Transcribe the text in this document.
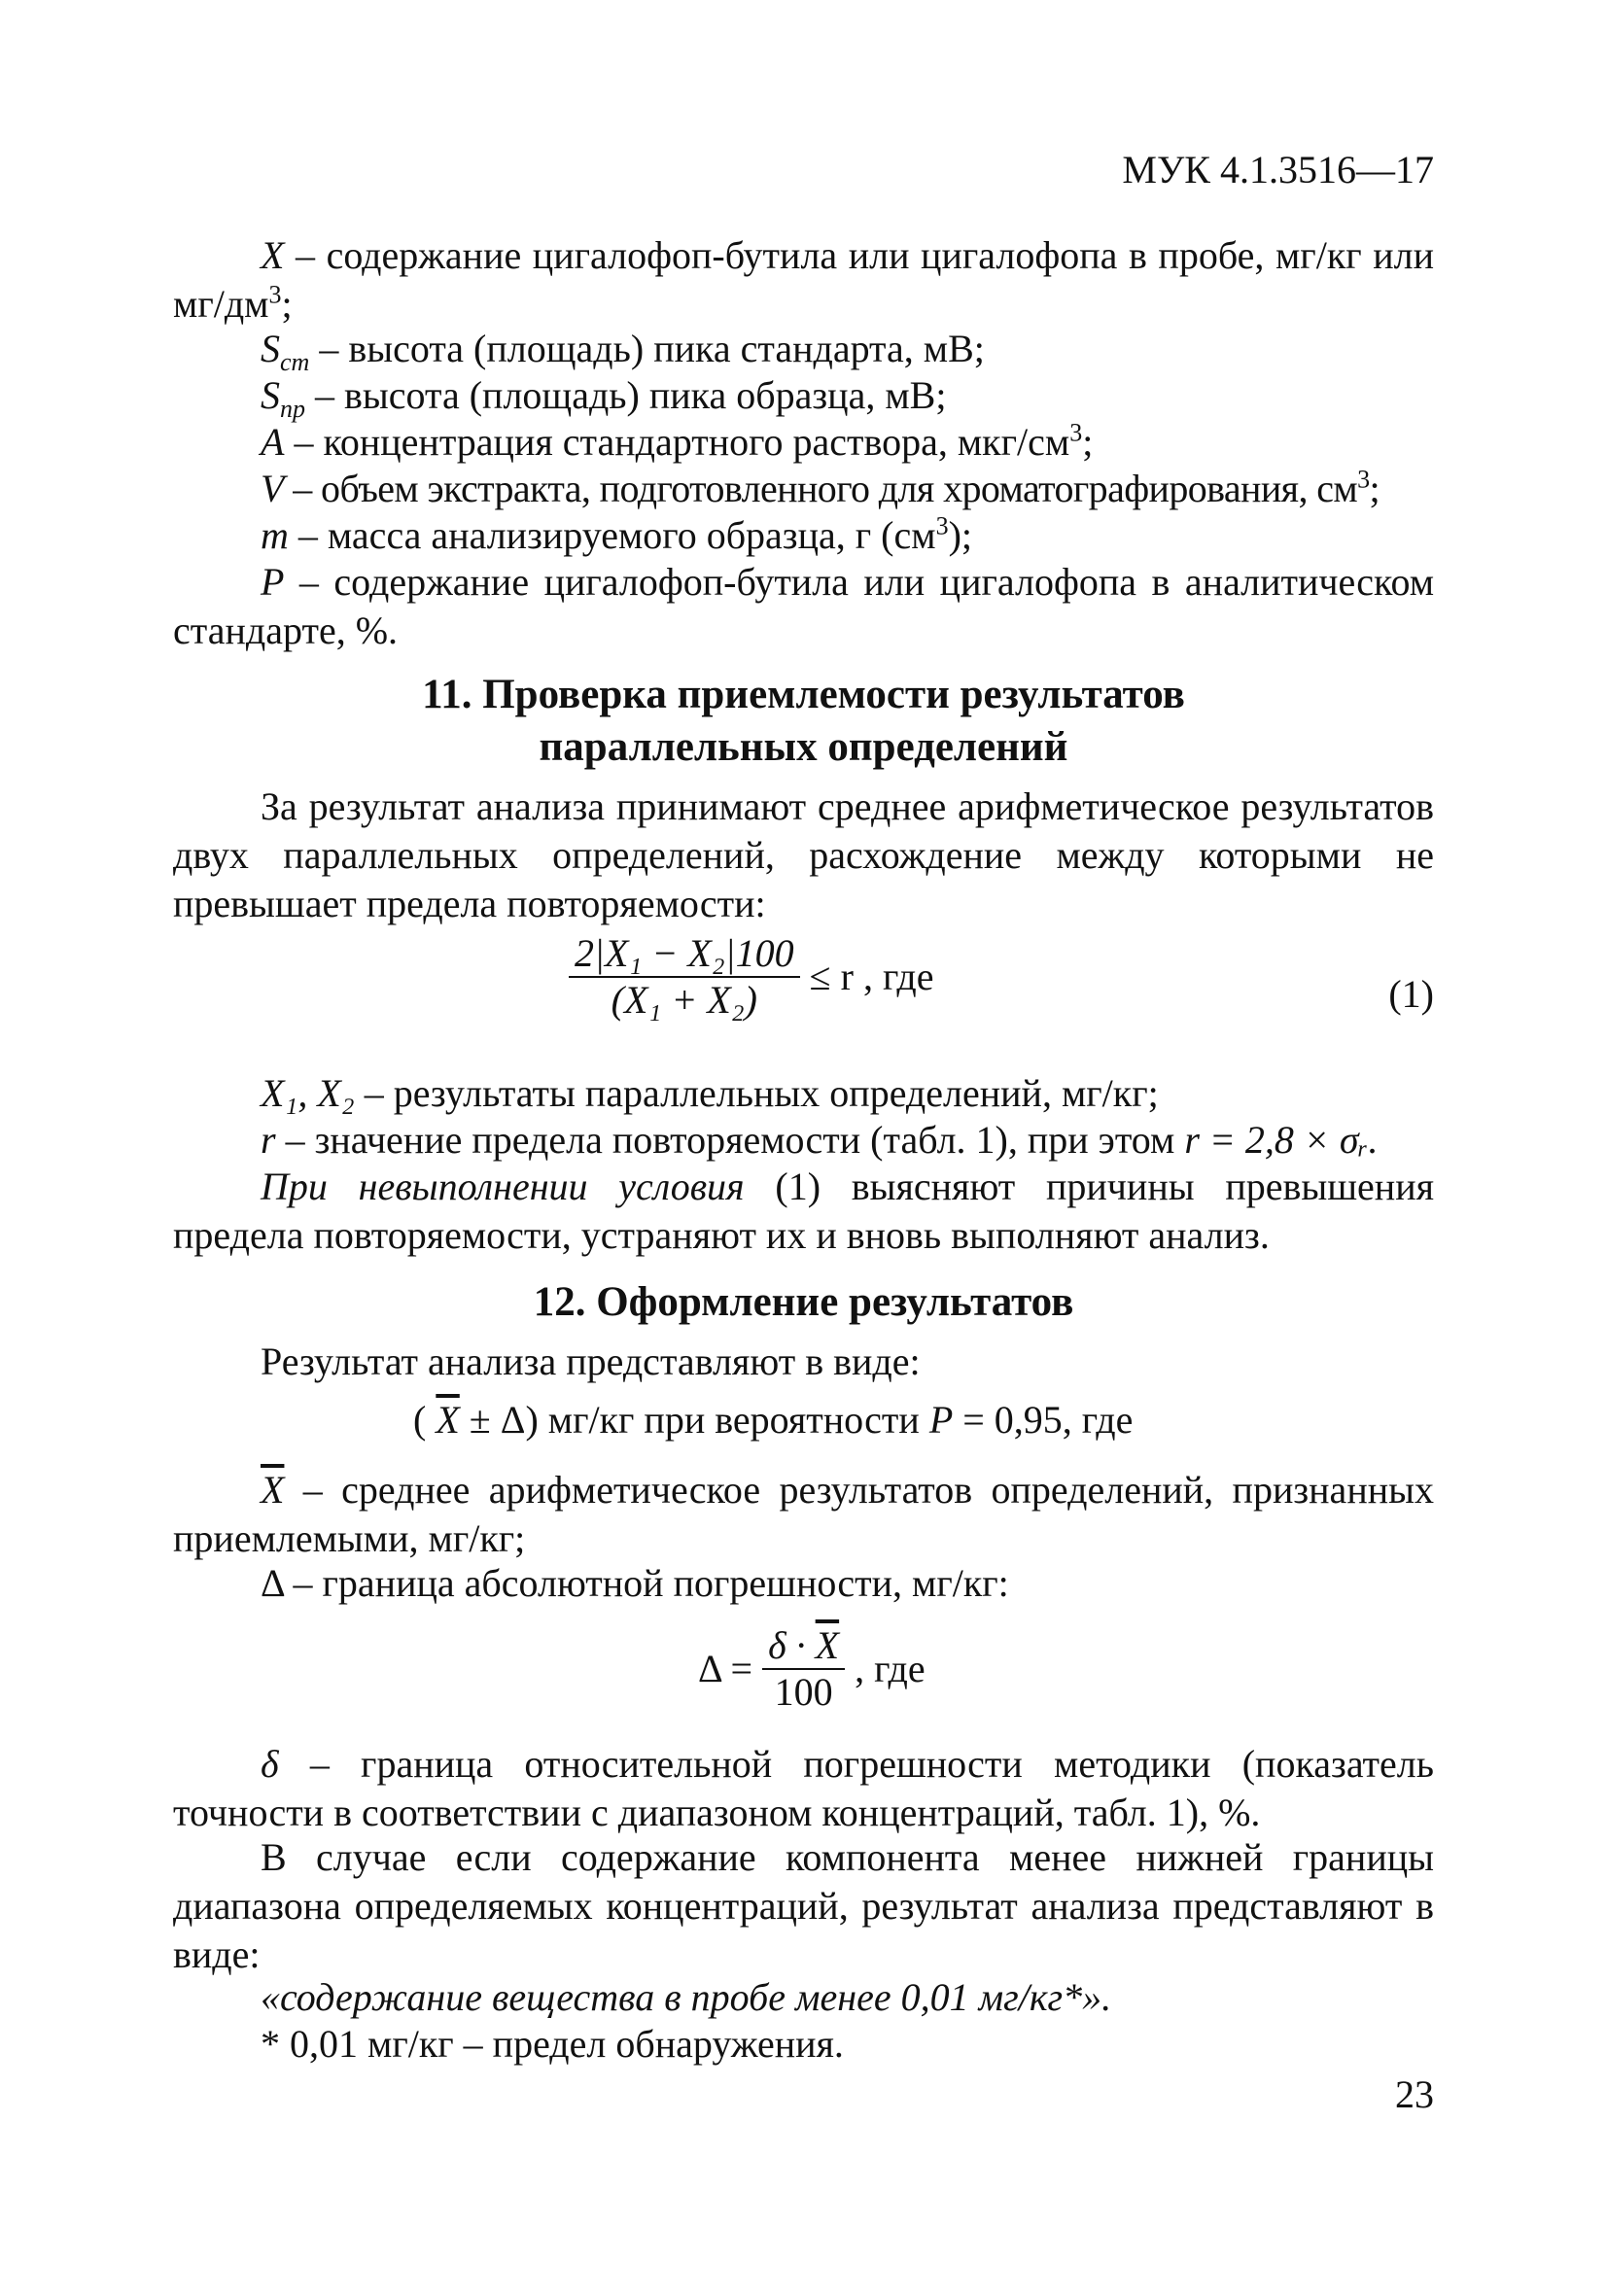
МУК 4.1.3516—17
X – содержание цигалофоп-бутила или цигалофопа в пробе, мг/кг или $мг/дм^3$;
$S_{cm}$ – высота (площадь) пика стандарта, мВ;
$S_{np}$ – высота (площадь) пика образца, мВ;
A – концентрация стандартного раствора, мкг/$см^3$;
V – объем экстракта, подготовленного для хроматографирования, $см^3$;
m – масса анализируемого образца, г $(см^3)$;
P – содержание цигалофоп-бутила или цигалофопа в аналитическом стандарте, %.
11. Проверка приемлемости результатов
параллельных определений
За результат анализа принимают среднее арифметическое результатов двух параллельных определений, расхождение между которыми не превышает предела повторяемости:
$\frac{\text{2|X₁ − X₂|100}}{\text{(X₁ + X₂)}} \le r$ , где	(1)
X₁, X₂ – результаты параллельных определений, мг/кг;
r – значение предела повторяемости (табл. 1), при этом r = 2,8 × σᵣ.
При невыполнении условия (1) выясняют причины превышения предела повторяемости, устраняют их и вновь выполняют анализ.
12. Оформление результатов
Результат анализа представляют в виде:
( $\overline{X} \pm \Delta$) мг/кг при вероятности P = 0,95, где
$\overline{X}$ – среднее арифметическое результатов определений, признанных приемлемыми, мг/кг;
Δ – граница абсолютной погрешности, мг/кг:
$\Delta = \frac{\delta \cdot \overline{X}}{100}$ , где
δ – граница относительной погрешности методики (показатель точности в соответствии с диапазоном концентраций, табл. 1), %.
В случае если содержание компонента менее нижней границы диапазона определяемых концентраций, результат анализа представляют в виде:
«содержание вещества в пробе менее 0,01 мг/кг*».
* 0,01 мг/кг – предел обнаружения.
23
